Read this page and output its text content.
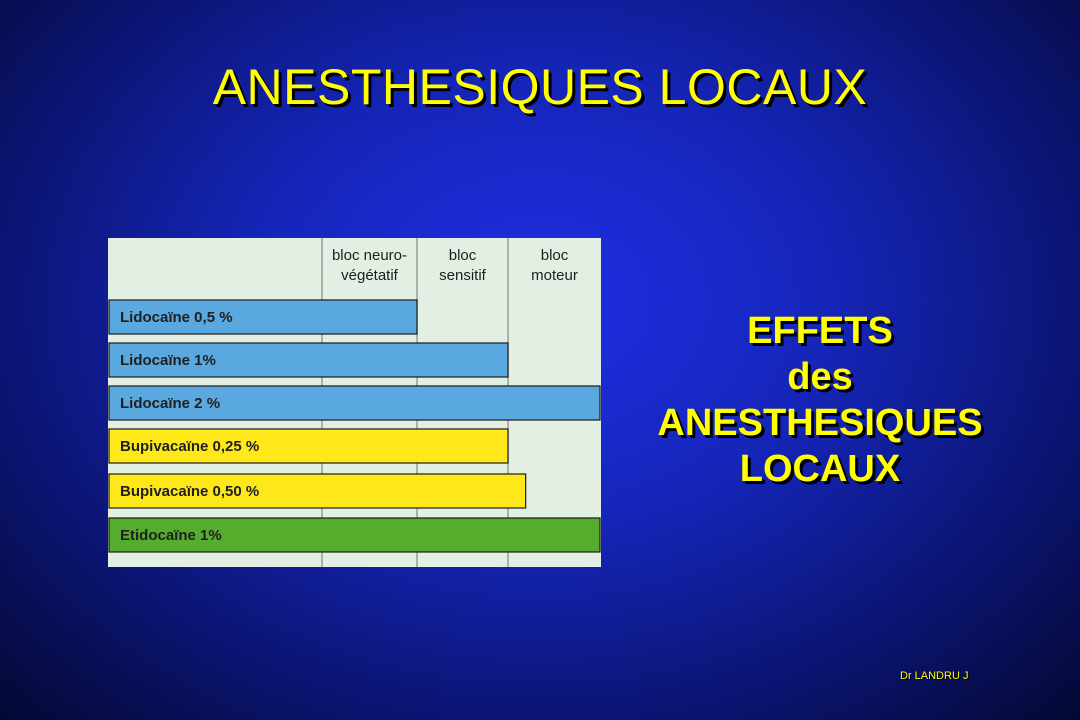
ANESTHESIQUES LOCAUX
bloc neuro-
végétatif
bloc
sensitif
bloc
moteur
Lidocaïne 0,5 %
Lidocaïne 1%
Lidocaïne 2 %
Bupivacaïne 0,25 %
Bupivacaïne 0,50 %
Etidocaïne 1%
EFFETS
des
ANESTHESIQUES
LOCAUX
Dr LANDRU J
